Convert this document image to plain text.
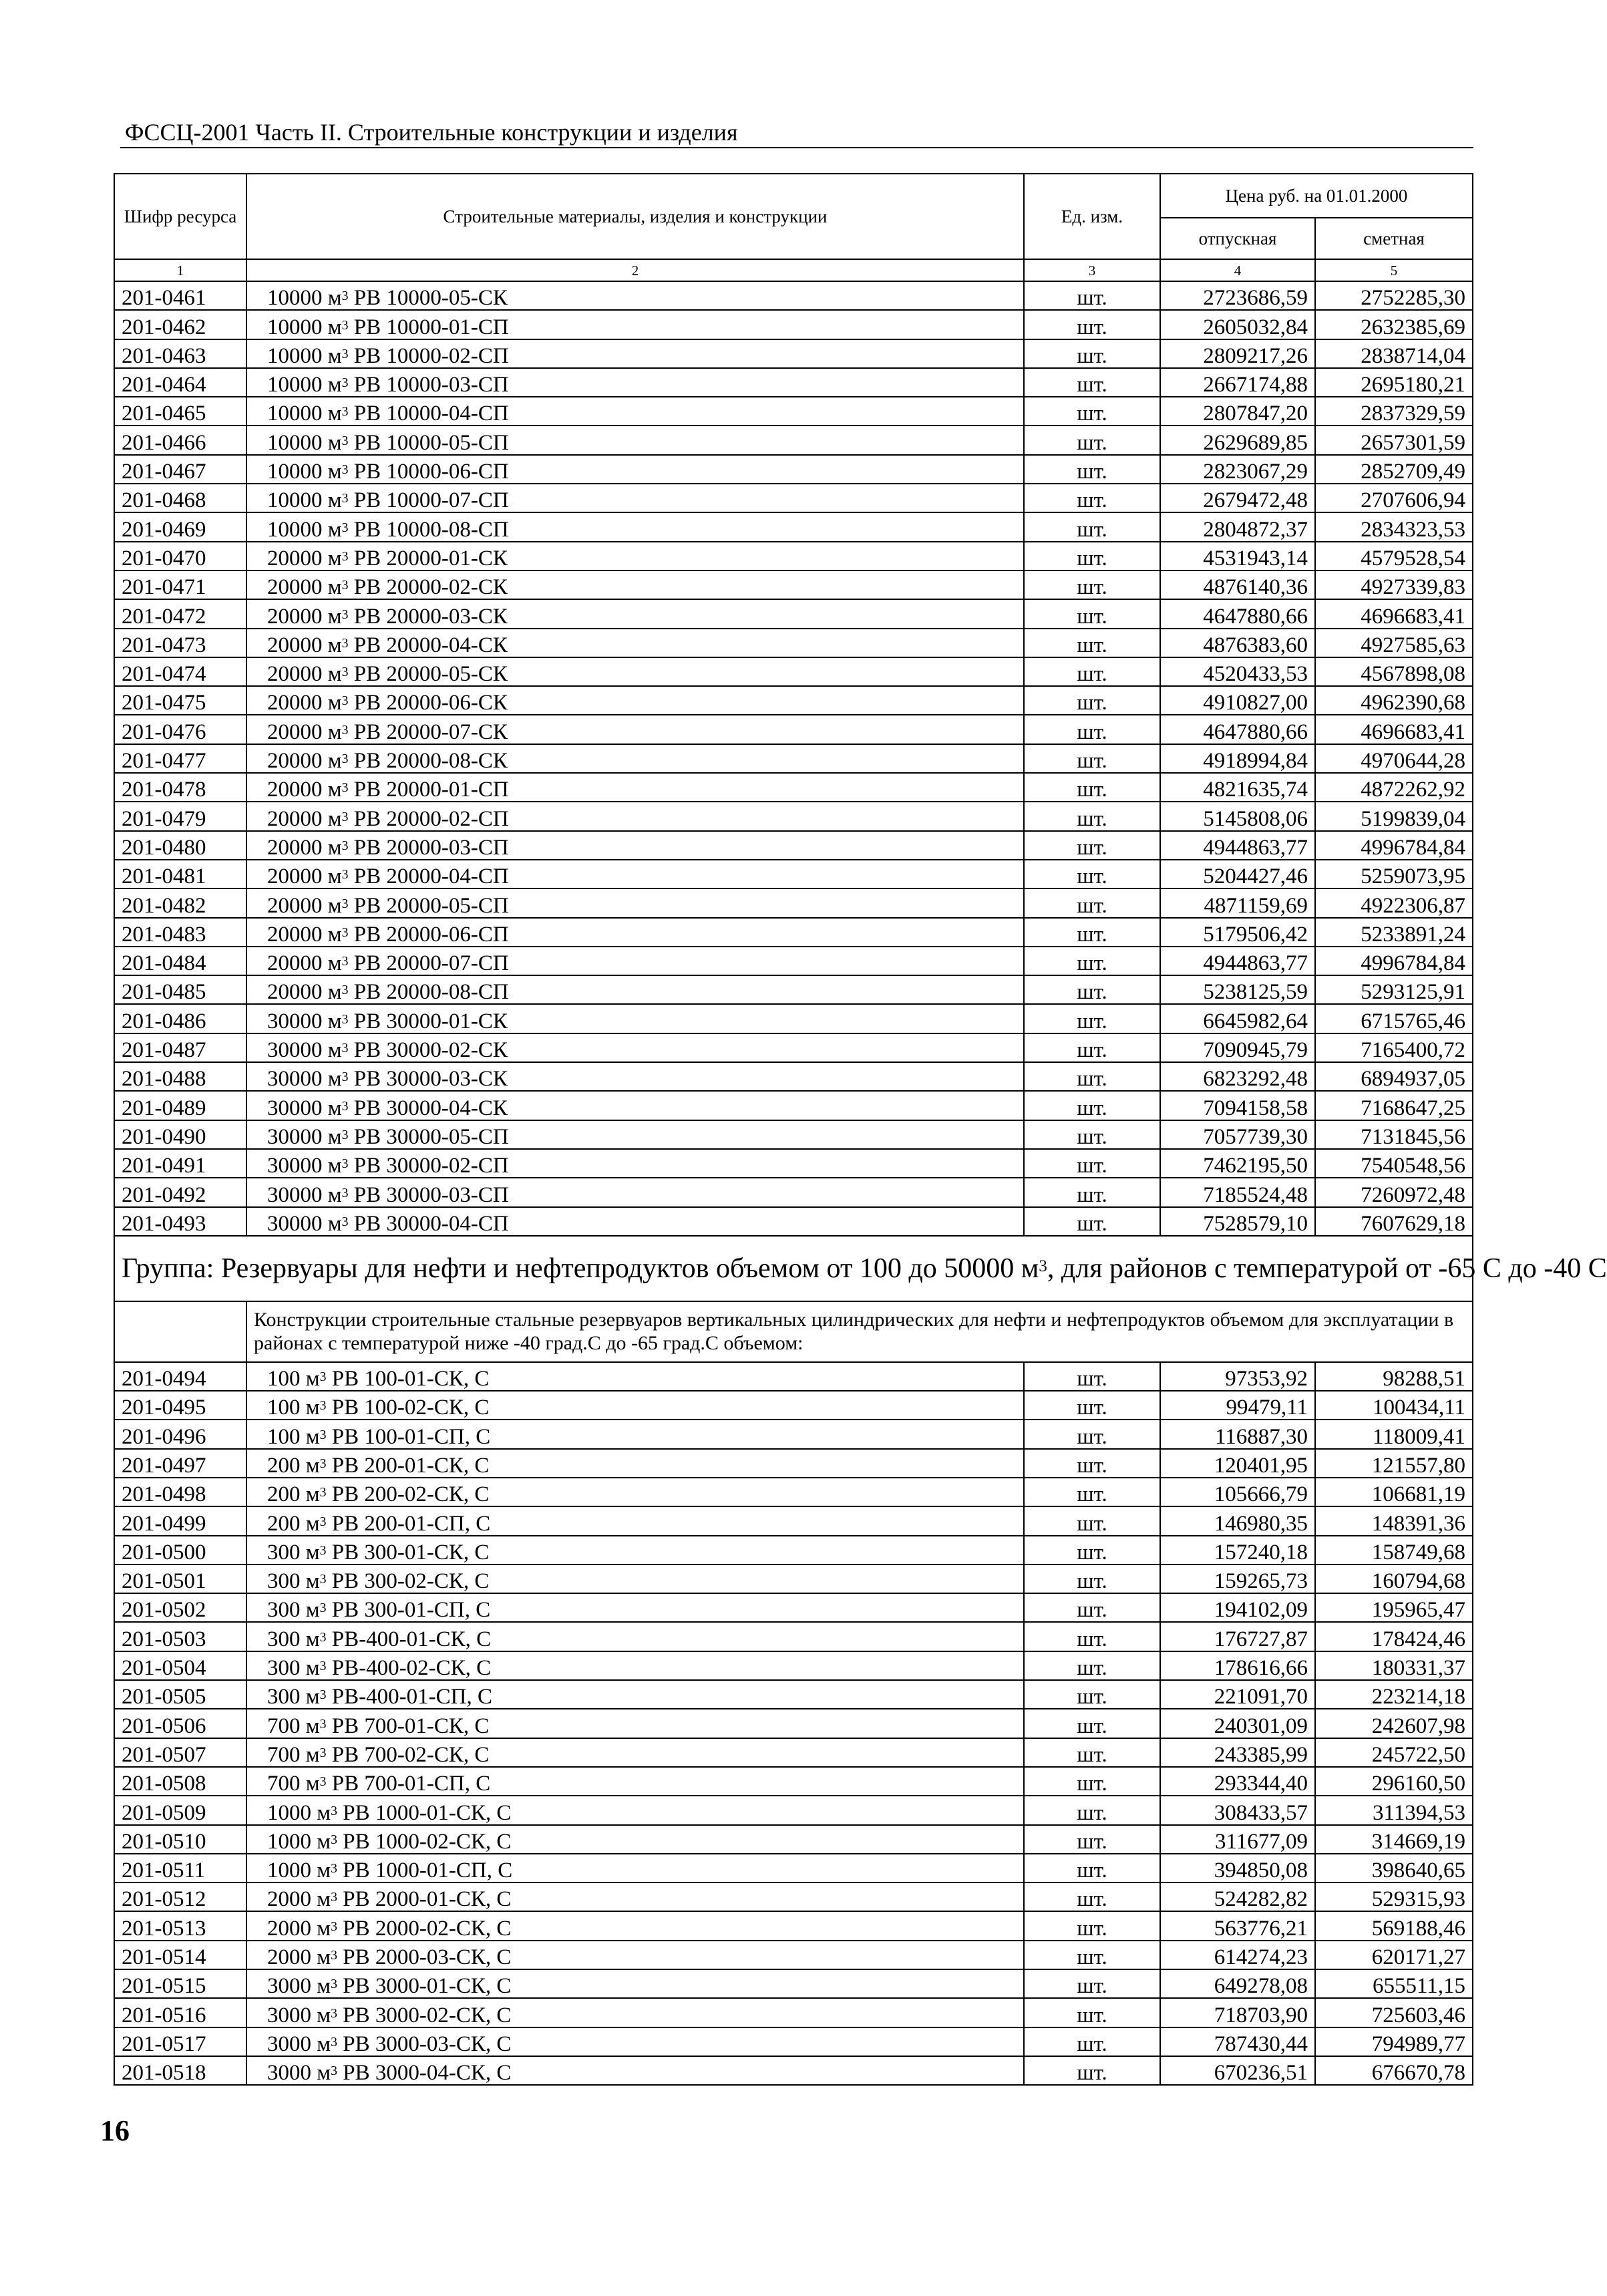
ФССЦ-2001 Часть II. Строительные конструкции и изделия
Шифр ресурса	Строительные материалы, изделия и конструкции	Ед. изм.	Цена руб. на 01.01.2000	
			отпускная	сметная
1	2	3	4	5
201-0461	10000 $м^3$ РВ 10000-05-СК	шт.	2723686,59	2752285,30
201-0462	10000 $м^3$ РВ 10000-01-СП	шт.	2605032,84	2632385,69
201-0463	10000 $м^3$ РВ 10000-02-СП	шт.	2809217,26	2838714,04
201-0464	10000 $м^3$ РВ 10000-03-СП	шт.	2667174,88	2695180,21
201-0465	10000 $м^3$ РВ 10000-04-СП	шт.	2807847,20	2837329,59
201-0466	10000 $м^3$ РВ 10000-05-СП	шт.	2629689,85	2657301,59
201-0467	10000 $м^3$ РВ 10000-06-СП	шт.	2823067,29	2852709,49
201-0468	10000 $м^3$ РВ 10000-07-СП	шт.	2679472,48	2707606,94
201-0469	10000 $м^3$ РВ 10000-08-СП	шт.	2804872,37	2834323,53
201-0470	20000 $м^3$ РВ 20000-01-СК	шт.	4531943,14	4579528,54
201-0471	20000 $м^3$ РВ 20000-02-СК	шт.	4876140,36	4927339,83
201-0472	20000 $м^3$ РВ 20000-03-СК	шт.	4647880,66	4696683,41
201-0473	20000 $м^3$ РВ 20000-04-СК	шт.	4876383,60	4927585,63
201-0474	20000 $м^3$ РВ 20000-05-СК	шт.	4520433,53	4567898,08
201-0475	20000 $м^3$ РВ 20000-06-СК	шт.	4910827,00	4962390,68
201-0476	20000 $м^3$ РВ 20000-07-СК	шт.	4647880,66	4696683,41
201-0477	20000 $м^3$ РВ 20000-08-СК	шт.	4918994,84	4970644,28
201-0478	20000 $м^3$ РВ 20000-01-СП	шт.	4821635,74	4872262,92
201-0479	20000 $м^3$ РВ 20000-02-СП	шт.	5145808,06	5199839,04
201-0480	20000 $м^3$ РВ 20000-03-СП	шт.	4944863,77	4996784,84
201-0481	20000 $м^3$ РВ 20000-04-СП	шт.	5204427,46	5259073,95
201-0482	20000 $м^3$ РВ 20000-05-СП	шт.	4871159,69	4922306,87
201-0483	20000 $м^3$ РВ 20000-06-СП	шт.	5179506,42	5233891,24
201-0484	20000 $м^3$ РВ 20000-07-СП	шт.	4944863,77	4996784,84
201-0485	20000 $м^3$ РВ 20000-08-СП	шт.	5238125,59	5293125,91
201-0486	30000 $м^3$ РВ 30000-01-СК	шт.	6645982,64	6715765,46
201-0487	30000 $м^3$ РВ 30000-02-СК	шт.	7090945,79	7165400,72
201-0488	30000 $м^3$ РВ 30000-03-СК	шт.	6823292,48	6894937,05
201-0489	30000 $м^3$ РВ 30000-04-СК	шт.	7094158,58	7168647,25
201-0490	30000 $м^3$ РВ 30000-05-СП	шт.	7057739,30	7131845,56
201-0491	30000 $м^3$ РВ 30000-02-СП	шт.	7462195,50	7540548,56
201-0492	30000 $м^3$ РВ 30000-03-СП	шт.	7185524,48	7260972,48
201-0493	30000 $м^3$ РВ 30000-04-СП	шт.	7528579,10	7607629,18
Группа: Резервуары для нефти и нефтепродуктов объемом от 100 до 50000 $м^3$, для районов с температурой от -65 С до -40 С				

	Конструкции строительные стальные резервуаров вертикальных цилиндрических для нефти и нефтепродуктов объемом для эксплуатации в районах с температурой ниже -40 град.С до -65 град.С объемом:			

201-0494	100 $м^3$ РВ 100-01-СК, С	шт.	97353,92	98288,51
201-0495	100 $м^3$ РВ 100-02-СК, С	шт.	99479,11	100434,11
201-0496	100 $м^3$ РВ 100-01-СП, С	шт.	116887,30	118009,41
201-0497	200 $м^3$ РВ 200-01-СК, С	шт.	120401,95	121557,80
201-0498	200 $м^3$ РВ 200-02-СК, С	шт.	105666,79	106681,19
201-0499	200 $м^3$ РВ 200-01-СП, С	шт.	146980,35	148391,36
201-0500	300 $м^3$ РВ 300-01-СК, С	шт.	157240,18	158749,68
201-0501	300 $м^3$ РВ 300-02-СК, С	шт.	159265,73	160794,68
201-0502	300 $м^3$ РВ 300-01-СП, С	шт.	194102,09	195965,47
201-0503	300 $м^3$ РВ-400-01-СК, С	шт.	176727,87	178424,46
201-0504	300 $м^3$ РВ-400-02-СК, С	шт.	178616,66	180331,37
201-0505	300 $м^3$ РВ-400-01-СП, С	шт.	221091,70	223214,18
201-0506	700 $м^3$ РВ 700-01-СК, С	шт.	240301,09	242607,98
201-0507	700 $м^3$ РВ 700-02-СК, С	шт.	243385,99	245722,50
201-0508	700 $м^3$ РВ 700-01-СП, С	шт.	293344,40	296160,50
201-0509	1000 $м^3$ РВ 1000-01-СК, С	шт.	308433,57	311394,53
201-0510	1000 $м^3$ РВ 1000-02-СК, С	шт.	311677,09	314669,19
201-0511	1000 $м^3$ РВ 1000-01-СП, С	шт.	394850,08	398640,65
201-0512	2000 $м^3$ РВ 2000-01-СК, С	шт.	524282,82	529315,93
201-0513	2000 $м^3$ РВ 2000-02-СК, С	шт.	563776,21	569188,46
201-0514	2000 $м^3$ РВ 2000-03-СК, С	шт.	614274,23	620171,27
201-0515	3000 $м^3$ РВ 3000-01-СК, С	шт.	649278,08	655511,15
201-0516	3000 $м^3$ РВ 3000-02-СК, С	шт.	718703,90	725603,46
201-0517	3000 $м^3$ РВ 3000-03-СК, С	шт.	787430,44	794989,77
201-0518	3000 $м^3$ РВ 3000-04-СК, С	шт.	670236,51	676670,78
16
